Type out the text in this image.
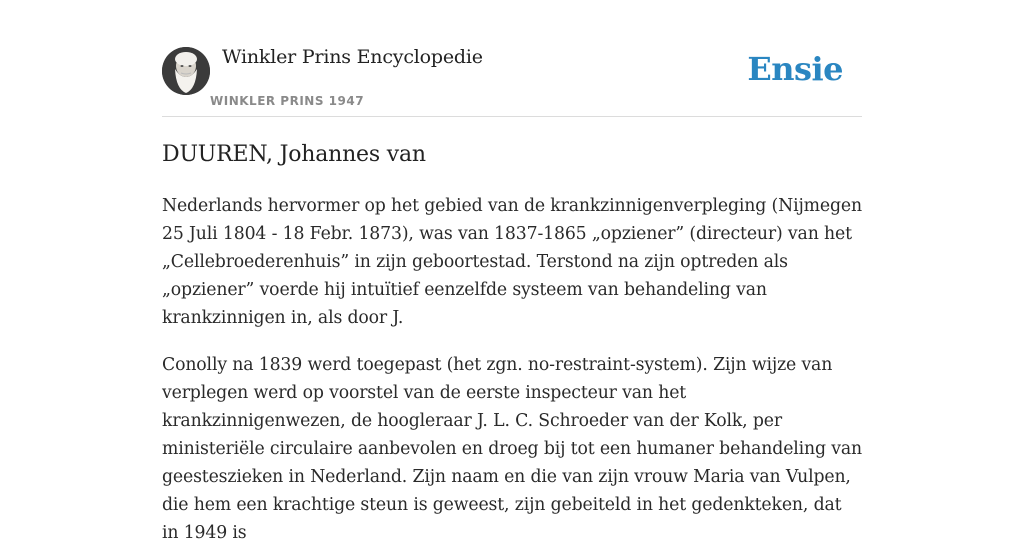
Winkler Prins Encyclopedie
WINKLER PRINS 1947
Ensie
DUUREN, Johannes van

Nederlands hervormer op het gebied van de krankzinnigenverpleging (Nijmegen 25 Juli 1804 - 18 Febr. 1873), was van 1837-1865 „opziener” (directeur) van het „Cellebroederenhuis” in zijn geboortestad. Terstond na zijn optreden als „opziener” voerde hij intuïtief eenzelfde systeem van behandeling van krankzinnigen in, als door J.

Conolly na 1839 werd toegepast (het zgn. no-restraint-system). Zijn wijze van verplegen werd op voorstel van de eerste inspecteur van het krankzinnigenwezen, de hoogleraar J. L. C. Schroeder van der Kolk, per ministeriële circulaire aanbevolen en droeg bij tot een humaner behandeling van geesteszieken in Nederland. Zijn naam en die van zijn vrouw Maria van Vulpen, die hem een krachtige steun is geweest, zijn gebeiteld in het gedenkteken, dat in 1949 is
